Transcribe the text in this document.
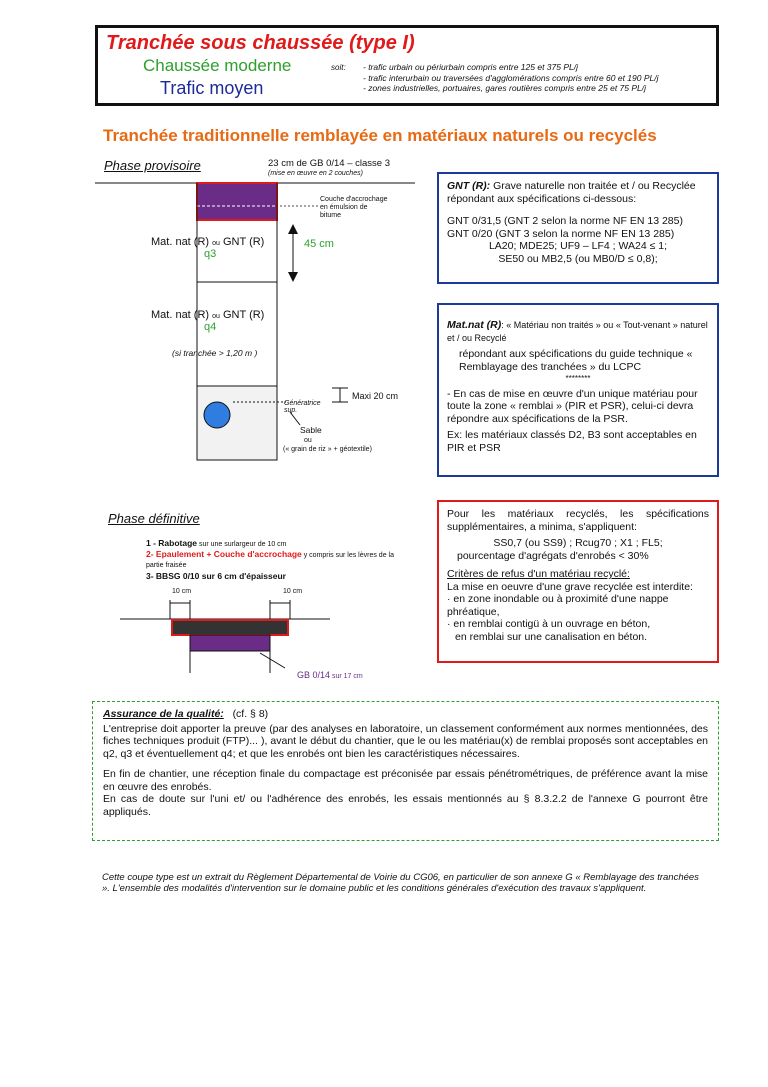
Tranchée sous chaussée (type I)
Chaussée moderne
Trafic moyen
soit: - trafic urbain ou périurbain compris entre 125 et 375 PL/j
- trafic interurbain ou traversées d'agglomérations compris entre 60 et 190 PL/j
- zones industrielles, portuaires, gares routières compris entre 25 et 75 PL/j
Tranchée traditionnelle remblayée en matériaux naturels ou recyclés
Phase provisoire	23 cm de GB 0/14 – classe 3
(mise en œuvre en 2 couches)
Couche d'accrochage en émulsion de bitume
Mat. nat (R) ou GNT (R)
q3
45 cm
Mat. nat (R) ou GNT (R)
q4
(si tranchée > 1,20 m )
Maxi 20 cm
Génératrice sup.
Sable
ou
(« grain de riz » + géotextile)
GNT (R): Grave naturelle non traitée et / ou Recyclée répondant aux spécifications ci-dessous:
GNT 0/31,5 (GNT 2 selon la norme NF EN 13 285)
GNT 0/20 (GNT 3 selon la norme NF EN 13 285)
LA20; MDE25; UF9 – LF4 ; WA24 ≤ 1;
SE50 ou MB2,5 (ou MB0/D ≤ 0,8);
Mat.nat (R): « Matériau non traités » ou « Tout-venant » naturel et / ou Recyclé
répondant aux spécifications du guide technique « Remblayage des tranchées » du LCPC
********
- En cas de mise en œuvre d'un unique matériau pour toute la zone « remblai » (PIR et PSR), celui-ci devra répondre aux spécifications de la PSR.
Ex: les matériaux classés D2, B3 sont acceptables en PIR et PSR
Phase définitive
1 - Rabotage sur une surlargeur de 10 cm
2- Epaulement + Couche d'accrochage y compris sur les lèvres de la partie fraisée
3- BBSG 0/10 sur 6 cm d'épaisseur
10 cm	10 cm
GB 0/14 sur 17 cm
Pour les matériaux recyclés, les spécifications supplémentaires, a minima, s'appliquent:
SS0,7 (ou SS9) ; Rcug70 ; X1 ; FL5;
pourcentage d'agrégats d'enrobés < 30%
Critères de refus d'un matériau recyclé:
La mise en oeuvre d'une grave recyclée est interdite:
· en zone inondable ou à proximité d'une nappe phréatique,
· en remblai contigü à un ouvrage en béton,
en remblai sur une canalisation en béton.
Assurance de la qualité: (cf. § 8)

L'entreprise doit apporter la preuve (par des analyses en laboratoire, un classement conformément aux normes mentionnées, des fiches techniques produit (FTP)... ), avant le début du chantier, que le ou les matériau(x) de remblai proposés sont acceptables en q2, q3 et éventuellement q4; et que les enrobés ont bien les caractéristiques nécessaires.

En fin de chantier, une réception finale du compactage est préconisée par essais pénétrométriques, de préférence avant la mise en œuvre des enrobés.

En cas de doute sur l'uni et/ ou l'adhérence des enrobés, les essais mentionnés au § 8.3.2.2 de l'annexe G pourront être appliqués.

Cette coupe type est un extrait du Règlement Départemental de Voirie du CG06, en particulier de son annexe G « Remblayage des tranchées ». L'ensemble des modalités d'intervention sur le domaine public et les conditions générales d'exécution des travaux s'appliquent.
